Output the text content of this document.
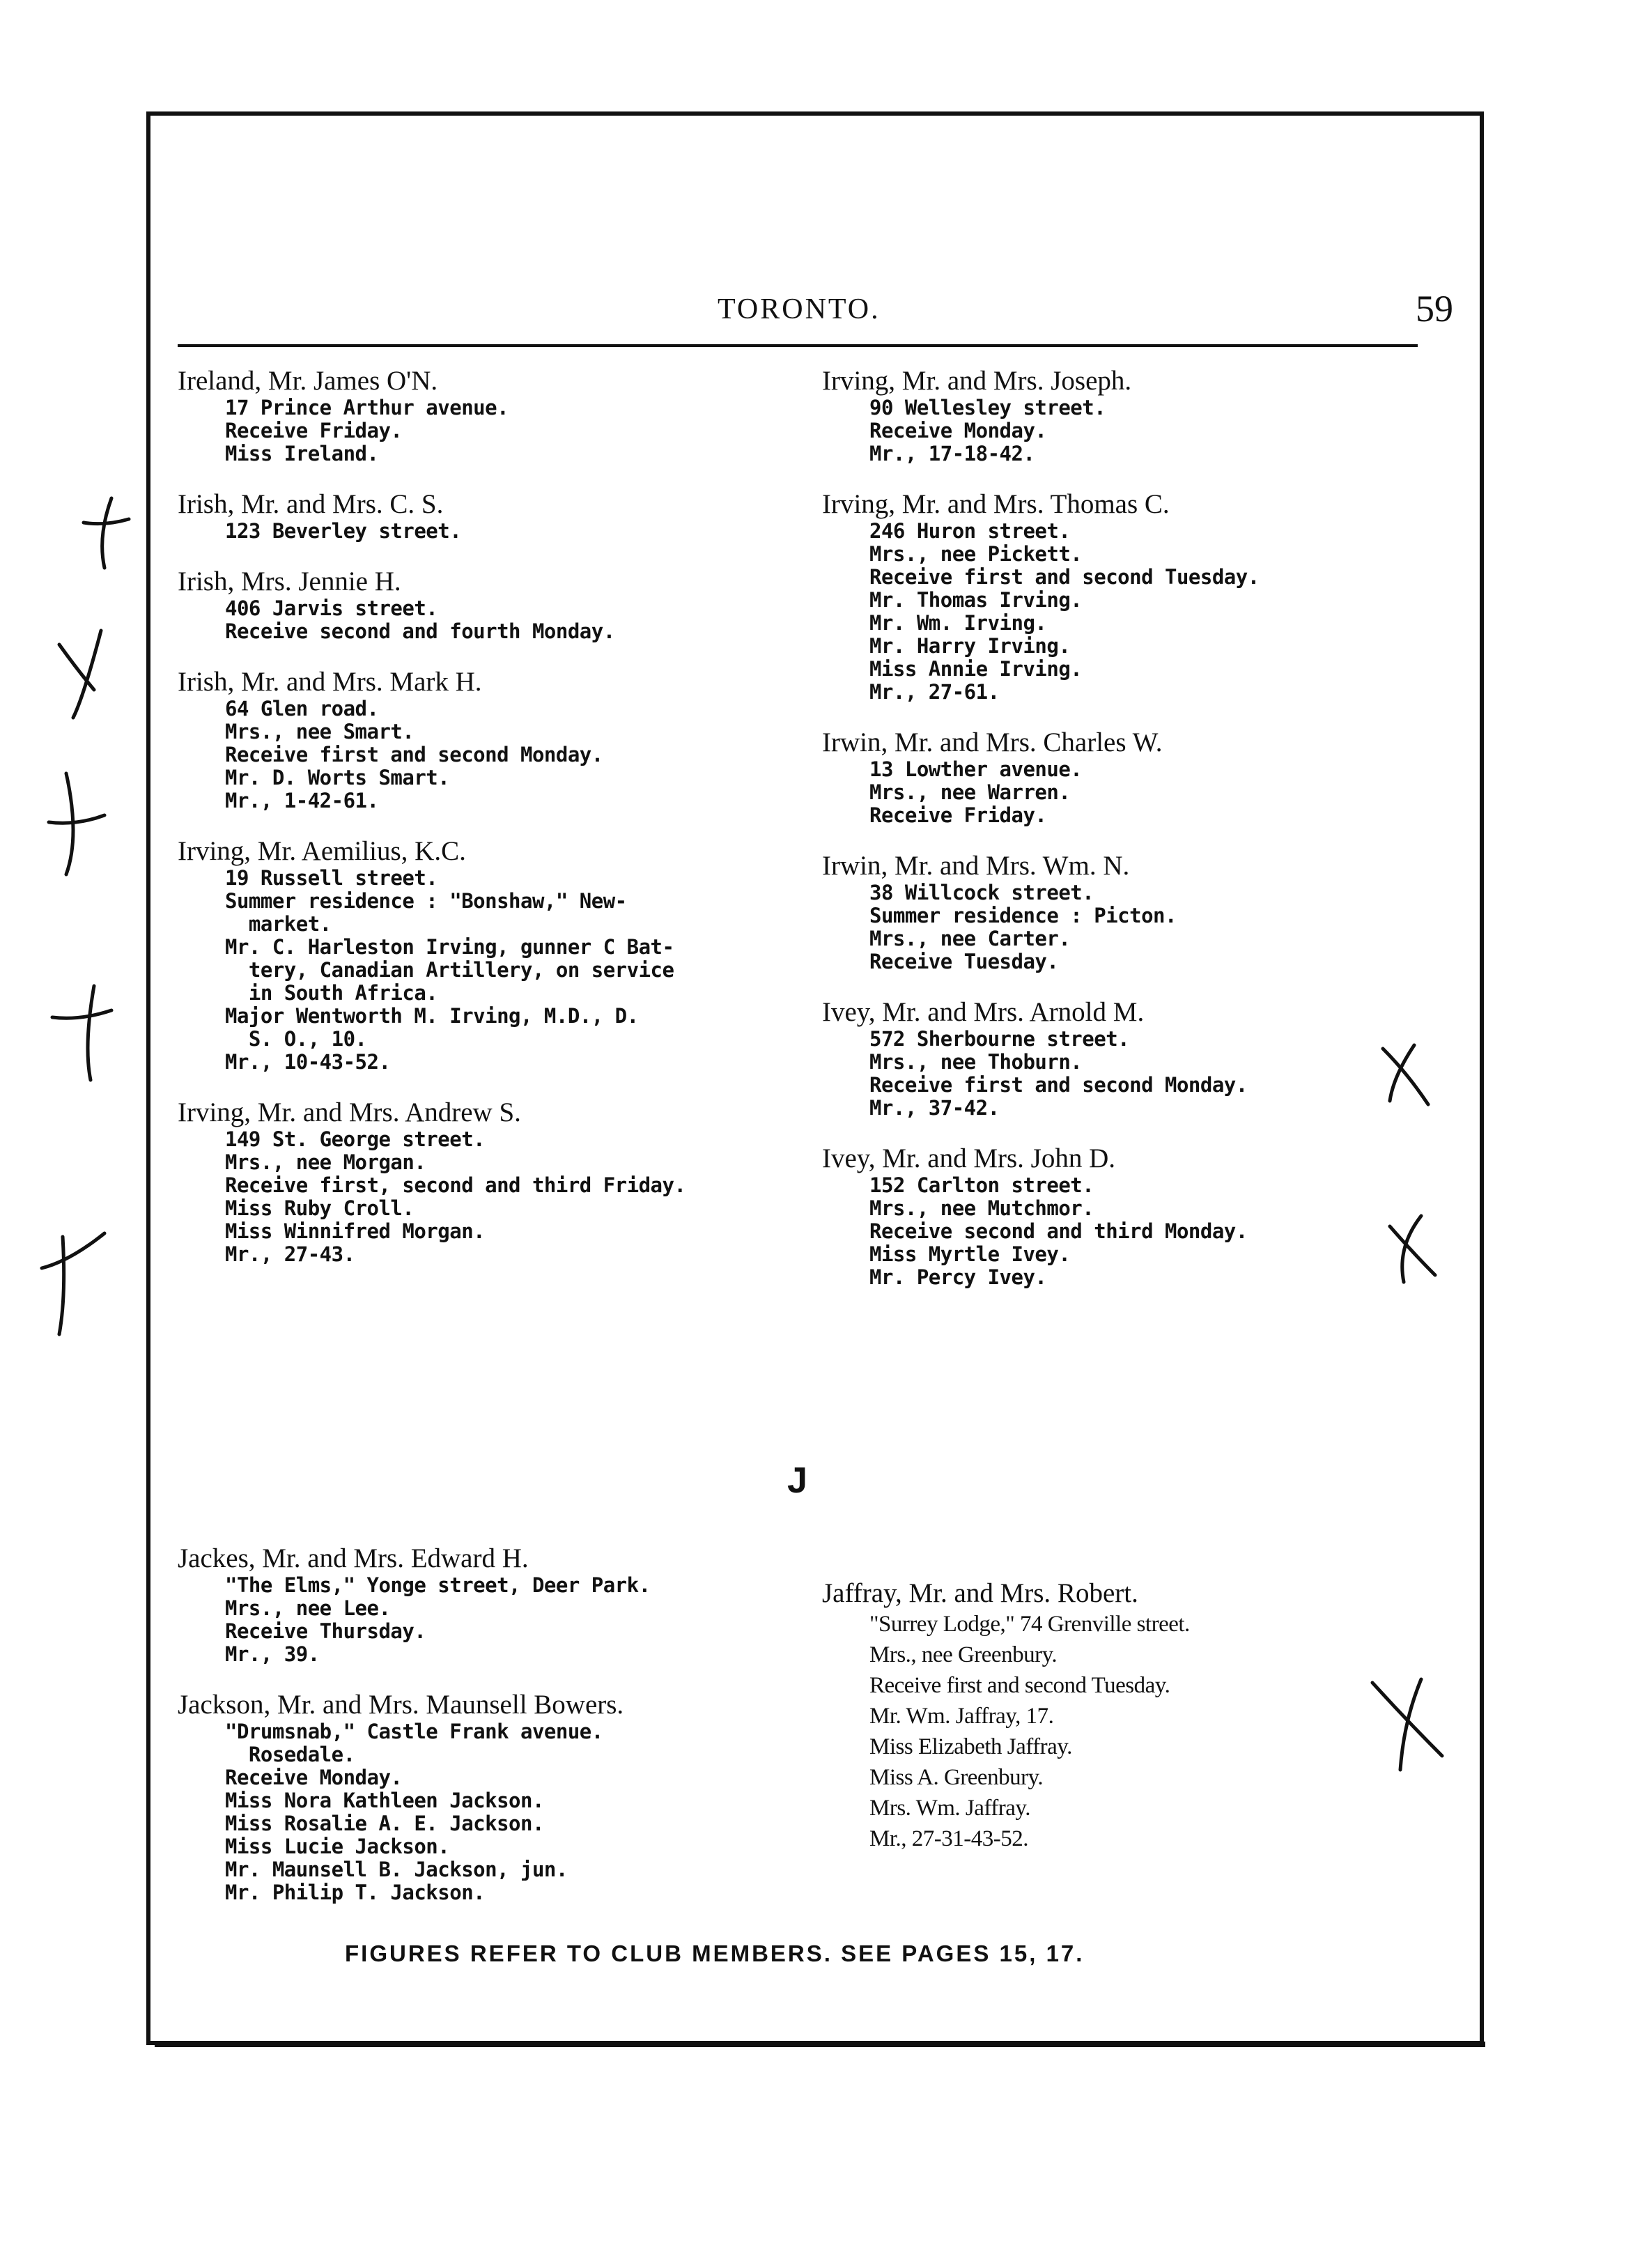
TORONTO.	59
Ireland, Mr. James O'N.
17 Prince Arthur avenue.
Receive Friday.
Miss Ireland.
Irish, Mr. and Mrs. C. S.
123 Beverley street.
Irish, Mrs. Jennie H.
406 Jarvis street.
Receive second and fourth Monday.
Irish, Mr. and Mrs. Mark H.
64 Glen road.
Mrs., nee Smart.
Receive first and second Monday.
Mr. D. Worts Smart.
Mr., 1-42-61.
Irving, Mr. Aemilius, K.C.
19 Russell street.
Summer residence : "Bonshaw," New-
market.
Mr. C. Harleston Irving, gunner C Bat-
tery, Canadian Artillery, on service
in South Africa.
Major Wentworth M. Irving, M.D., D.
S. O., 10.
Mr., 10-43-52.
Irving, Mr. and Mrs. Andrew S.
149 St. George street.
Mrs., nee Morgan.
Receive first, second and third Friday.
Miss Ruby Croll.
Miss Winnifred Morgan.
Mr., 27-43.
Irving, Mr. and Mrs. Joseph.
90 Wellesley street.
Receive Monday.
Mr., 17-18-42.
Irving, Mr. and Mrs. Thomas C.
246 Huron street.
Mrs., nee Pickett.
Receive first and second Tuesday.
Mr. Thomas Irving.
Mr. Wm. Irving.
Mr. Harry Irving.
Miss Annie Irving.
Mr., 27-61.
Irwin, Mr. and Mrs. Charles W.
13 Lowther avenue.
Mrs., nee Warren.
Receive Friday.
Irwin, Mr. and Mrs. Wm. N.
38 Willcock street.
Summer residence : Picton.
Mrs., nee Carter.
Receive Tuesday.
Ivey, Mr. and Mrs. Arnold M.
572 Sherbourne street.
Mrs., nee Thoburn.
Receive first and second Monday.
Mr., 37-42.
Ivey, Mr. and Mrs. John D.
152 Carlton street.
Mrs., nee Mutchmor.
Receive second and third Monday.
Miss Myrtle Ivey.
Mr. Percy Ivey.
J
Jackes, Mr. and Mrs. Edward H.
"The Elms," Yonge street, Deer Park.
Mrs., nee Lee.
Receive Thursday.
Mr., 39.
Jackson, Mr. and Mrs. Maunsell Bowers.
"Drumsnab," Castle Frank avenue.
Rosedale.
Receive Monday.
Miss Nora Kathleen Jackson.
Miss Rosalie A. E. Jackson.
Miss Lucie Jackson.
Mr. Maunsell B. Jackson, jun.
Mr. Philip T. Jackson.
Jaffray, Mr. and Mrs. Robert.
"Surrey Lodge," 74 Grenville street.
Mrs., nee Greenbury.
Receive first and second Tuesday.
Mr. Wm. Jaffray, 17.
Miss Elizabeth Jaffray.
Miss A. Greenbury.
Mrs. Wm. Jaffray.
Mr., 27-31-43-52.
FIGURES REFER TO CLUB MEMBERS. SEE PAGES 15, 17.
